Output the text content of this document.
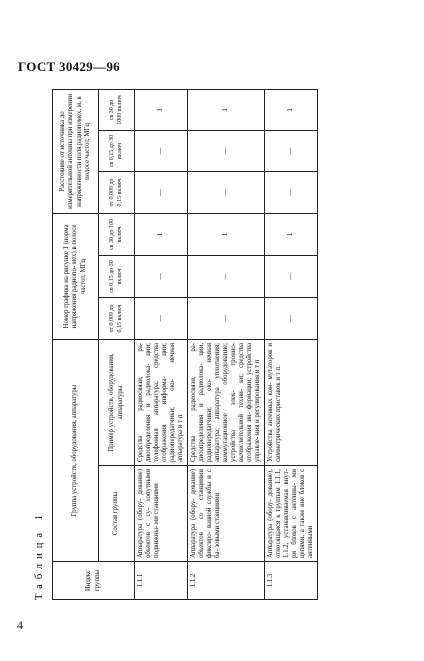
ГОСТ 30429—96
Таблица 1	Индекс группы	Группа устройств, оборудования, аппаратуры		Номер графика на рисунке 1 (норма напряжения радиопо- мех) в полосе частот, МГц			Расстояние от источника до измерительной антенны при измерении напряженности поля радиопомех, м, в полосе частот, МГц		
	Состав группы	Пример устройств, оборудования, аппаратуры	от 0,009 до 0,15 включ	св 0,15 до 30 включ	св 30 до 100 включ	от 0,009 до 0,15 включ	св 0,15 до 30 включ	св 30 до 1000 включ
1.1.1	Аппаратура (обору- дование) объектов с су- хопутными подвижны- ми станциями	Средства радиосвязи, ра- диоопределения и радиолока- ции; телефонная аппаратура; средства отображения информа- ции; радиопередатчики; око- нечная аппаратура и т п	—	—	1	—	—	1
1.1.2	Аппаратура (обору- дование) объектов со станциями фиксиро- ванной службы и с ба- зовыми станциями	Средства радиосвязи, ра- диоопределения и радиолока- ции, радиопередатчики; око- нечная аппаратура; аппаратура уплотнения; коммутационное оборудование; устройства элек- тронно-вычислительной техни- ки; средства отображения ин- формации; устройства управле- ния и регулирования и т п	—	—	1	—	—	1
1.1.3	Аппаратура (обору- дование), относящаяся к группам 1.1.1, 1.1.2, устанавливаемая внут- ри блоков с антенны- ми цепями, а также вне блоков с антенными	Устройства антенных ком- мутаторов и симметрических приставок и т п.	—	—	1	—	—	1
4
